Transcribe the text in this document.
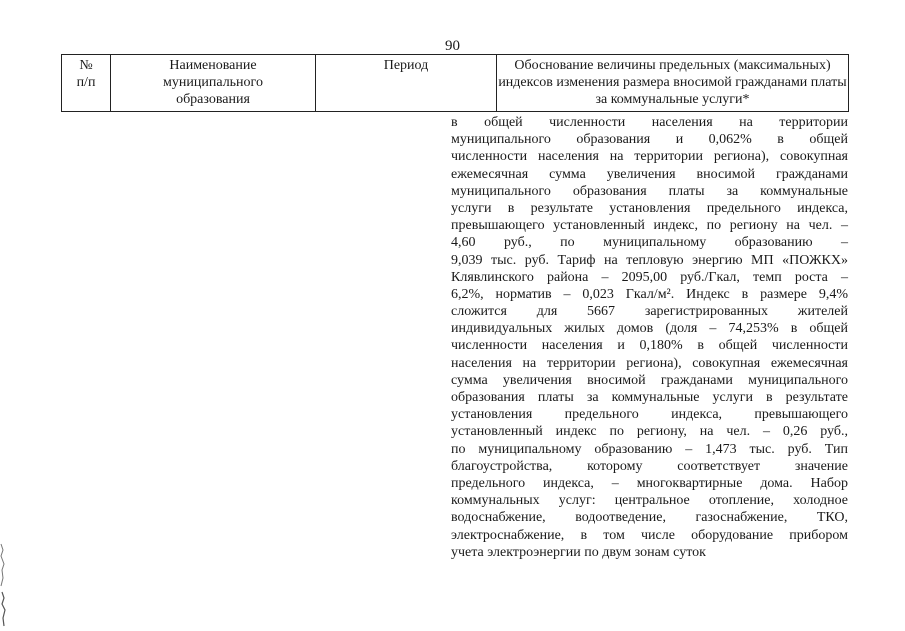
90
№
п/п
Наименование
муниципального
образования
Период	Обоснование величины предельных (максимальных)
индексов изменения размера вносимой гражданами платы
за коммунальные услуги*
в общей численности населения на территории
муниципального образования и 0,062% в общей
численности населения на территории региона), совокупная
ежемесячная сумма увеличения вносимой гражданами
муниципального образования платы за коммунальные
услуги в результате установления предельного индекса,
превышающего установленный индекс, по региону на чел. –
4,60 руб., по муниципальному образованию –
9,039 тыс. руб. Тариф на тепловую энергию МП «ПОЖКХ»
Клявлинского района – 2095,00 руб./Гкал, темп роста –
6,2%, норматив – 0,023 Гкал/м². Индекс в размере 9,4%
сложится для 5667 зарегистрированных жителей
индивидуальных жилых домов (доля – 74,253% в общей
численности населения и 0,180% в общей численности
населения на территории региона), совокупная ежемесячная
сумма увеличения вносимой гражданами муниципального
образования платы за коммунальные услуги в результате
установления предельного индекса, превышающего
установленный индекс по региону, на чел. – 0,26 руб.,
по муниципальному образованию – 1,473 тыс. руб. Тип
благоустройства, которому соответствует значение
предельного индекса, – многоквартирные дома. Набор
коммунальных услуг: центральное отопление, холодное
водоснабжение, водоотведение, газоснабжение, ТКО,
электроснабжение, в том числе оборудование прибором
учета электроэнергии по двум зонам суток
